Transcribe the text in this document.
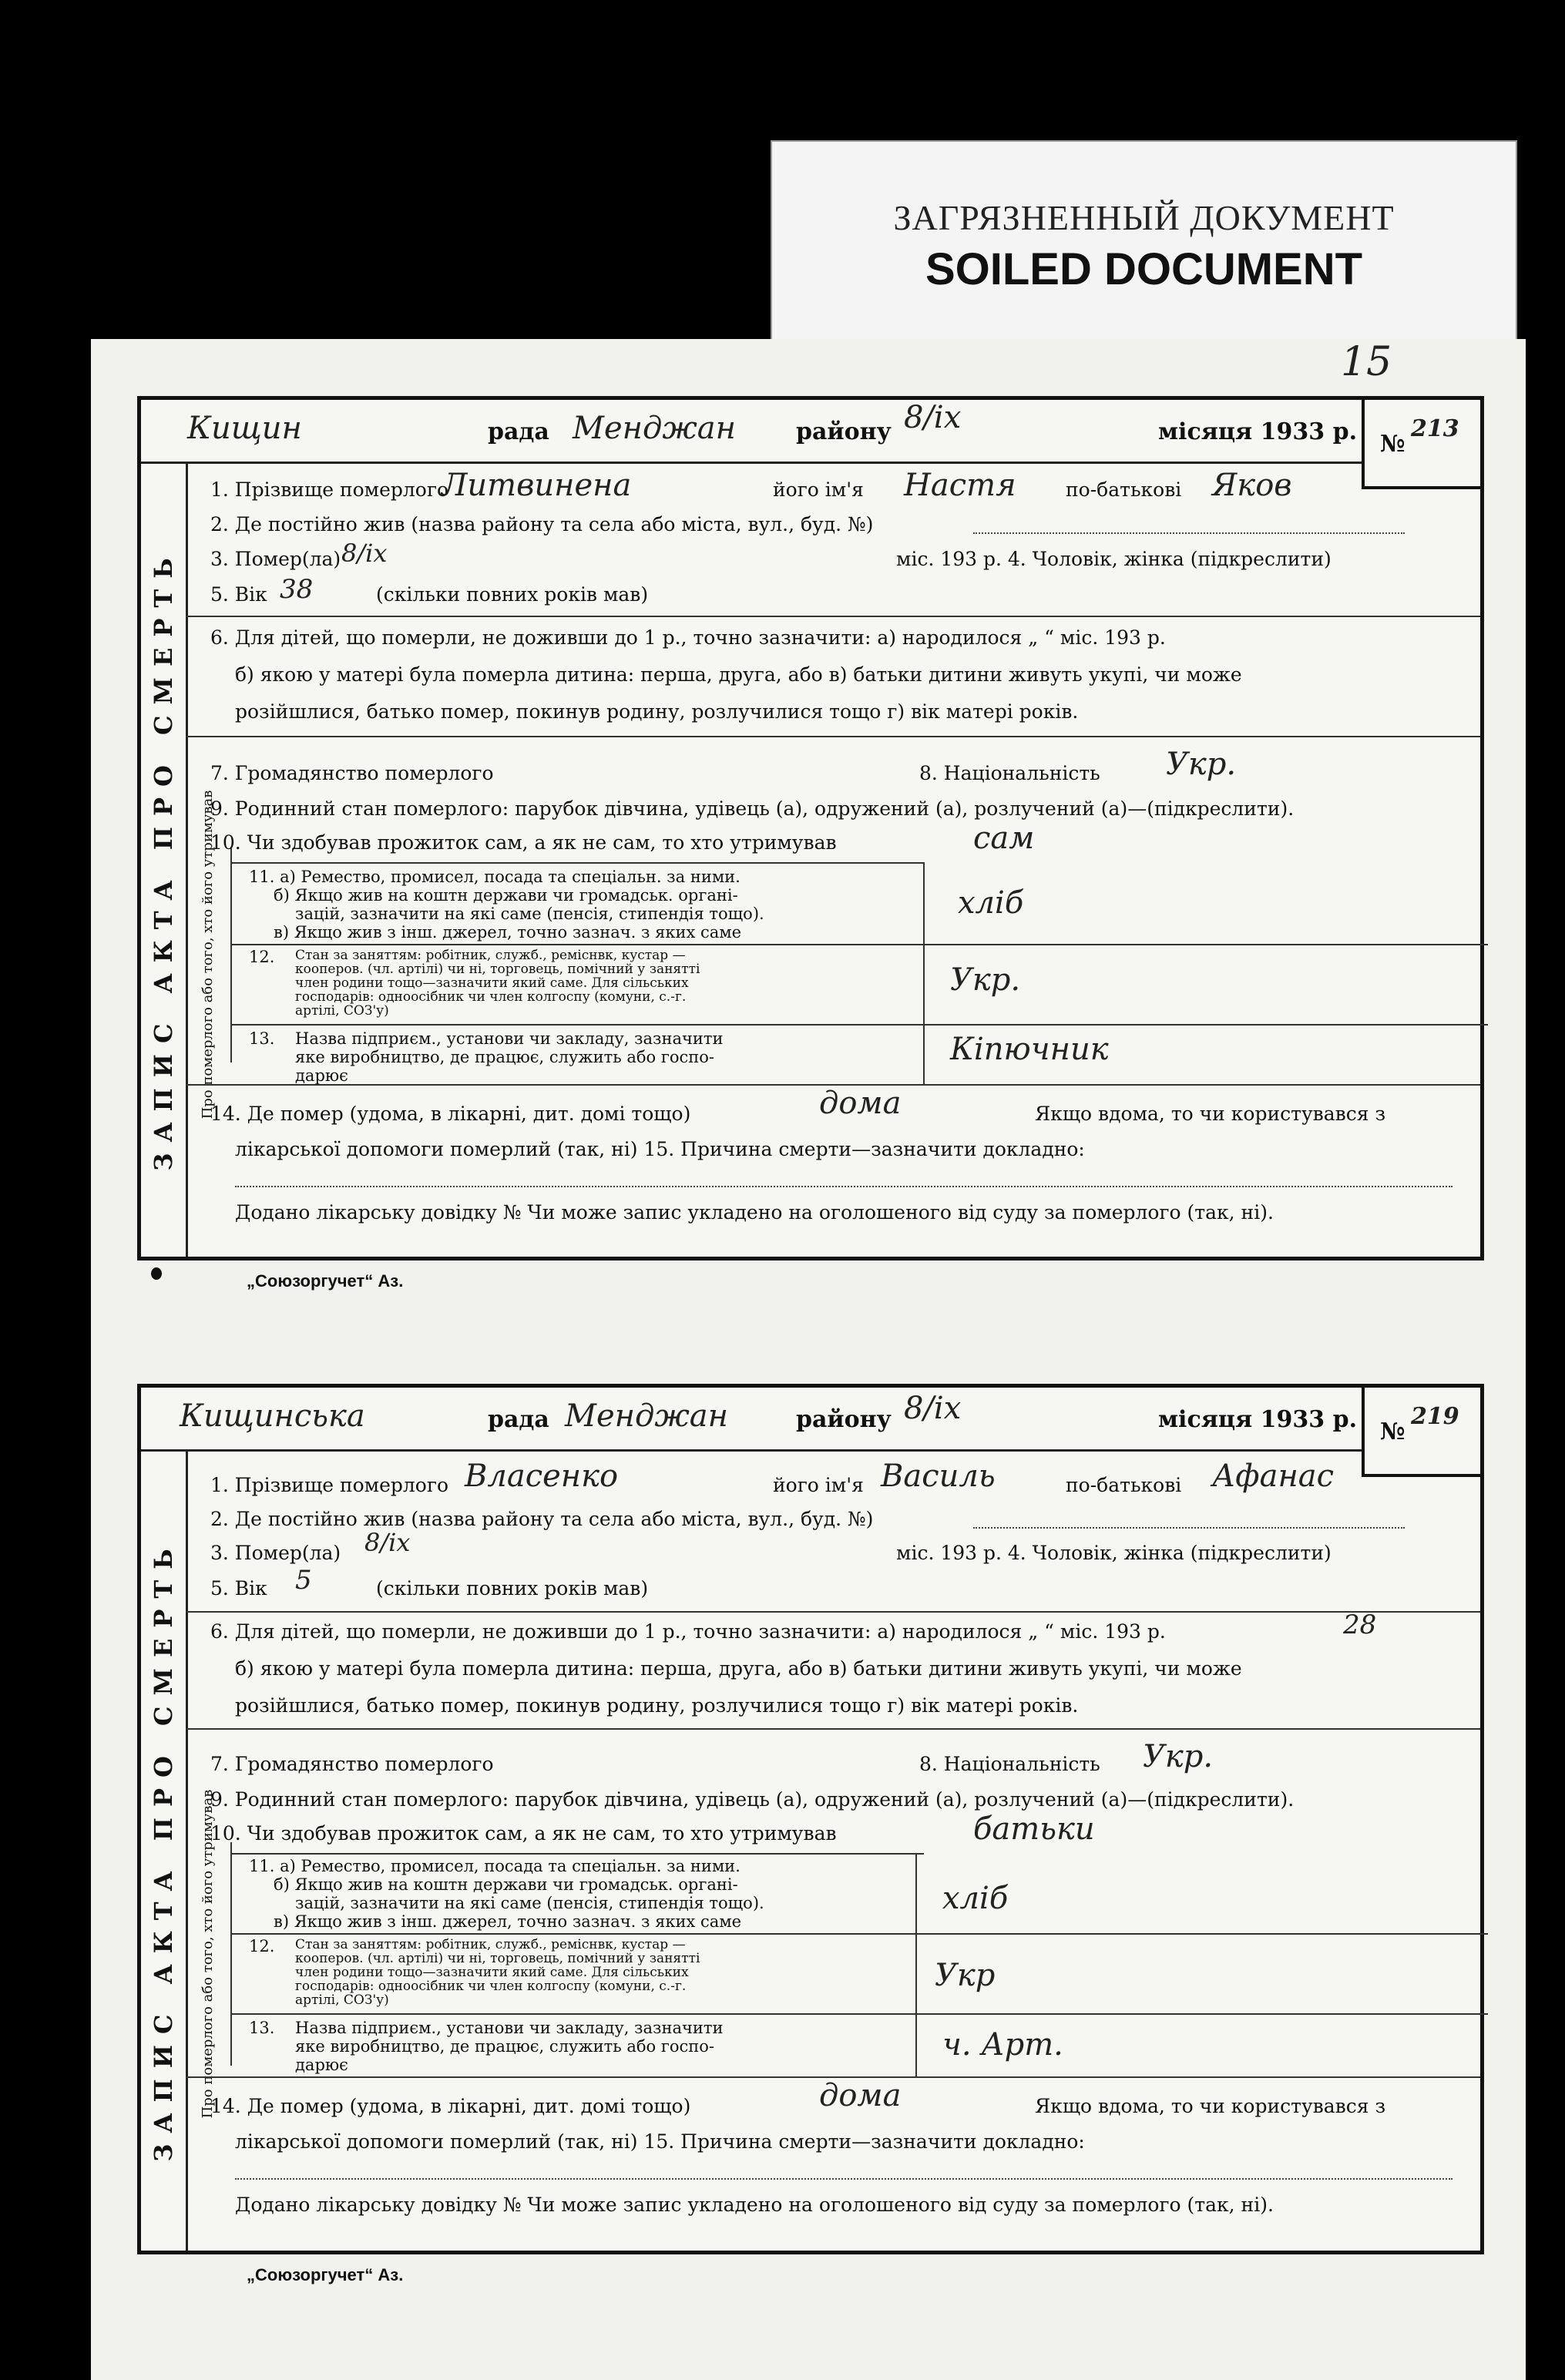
ЗАГРЯЗНЕННЫЙ ДОКУМЕНТ
SOILED DOCUMENT
15
Кищин	рада Менджан	району 8/іх	місяця 1933 р. №
213
ЗАПИС АКТА ПРО СМЕРТЬ Про померлого або того, хто його утримував
1. Прізвище померлого
Литвинена	його ім'я Настя	по-батькові Яков
2. Де постійно жив (назва району та села або міста, вул., буд. №)
3. Помер(ла) 8/іх	міс. 193 р. 4. Чоловік, жінка (підкреслити)
5. Вік 38	(скільки повних років мав)
6. Для дітей, що померли, не доживши до 1 р., точно зазначити: а) народилося „ “ міс. 193 р.
б) якою у матері була померла дитина: перша, друга, або в) батьки дитини живуть укупі, чи може
розійшлися, батько помер, покинув родину, розлучилися тощо г) вік матері років.
7. Громадянство померлого	8. Національність Укр.
9. Родинний стан померлого: парубок дівчина, удівець (а), одружений (а), розлучений (а)—(підкреслити).
10. Чи здобував прожиток сам, а як не сам, то хто утримував	сам
11. а) Ремество, промисел, посада та спеціальн. за ними.
б) Якщо жив на коштн держави чи громадськ. органі-
зацій, зазначити на які саме (пенсія, стипендія тощо).
в) Якщо жив з інш. джерел, точно зазнач. з яких саме
хліб
12. Стан за заняттям: робітник, служб., реміснвк, кустар —
кооперов. (чл. артілі) чи ні, торговець, помічний у занятті
член родини тощо—зазначити який саме. Для сільських
господарів: одноосібник чи член колгоспу (комуни, с.-г.
артілі, СОЗ'у)
Укр.
13. Назва підприєм., установи чи закладу, зазначити
яке виробництво, де працює, служить або госпо-
дарює
Кіпючник
14. Де помер (удома, в лікарні, дит. домі тощо)	дома	Якщо вдома, то чи користувався з
лікарської допомоги померлий (так, ні) 15. Причина смерти—зазначити докладно:
Додано лікарську довідку № Чи може запис укладено на оголошеного від суду за померлого (так, ні).
„Союзоргучет“ Аз.
Кищинська	рада Менджан	району 8/іх	місяця 1933 р. №
219
ЗАПИС АКТА ПРО СМЕРТЬ Про померлого або того, хто його утримував
1. Прізвище померлого Власенко	його ім'я Василь	по-батькові Афанас
2. Де постійно жив (назва району та села або міста, вул., буд. №)
3. Помер(ла) 8/іх	міс. 193 р. 4. Чоловік, жінка (підкреслити)
5. Вік 5	(скільки повних років мав)
6. Для дітей, що померли, не доживши до 1 р., точно зазначити: а) народилося „ “ міс. 193 р.	28
б) якою у матері була померла дитина: перша, друга, або в) батьки дитини живуть укупі, чи може
розійшлися, батько помер, покинув родину, розлучилися тощо г) вік матері років.
7. Громадянство померлого	8. Національність Укр.
9. Родинний стан померлого: парубок дівчина, удівець (а), одружений (а), розлучений (а)—(підкреслити).
10. Чи здобував прожиток сам, а як не сам, то хто утримував	батьки
11. а) Ремество, промисел, посада та спеціальн. за ними.
б) Якщо жив на коштн держави чи громадськ. органі-
зацій, зазначити на які саме (пенсія, стипендія тощо).
в) Якщо жив з інш. джерел, точно зазнач. з яких саме
хліб
12. Стан за заняттям: робітник, служб., реміснвк, кустар —
кооперов. (чл. артілі) чи ні, торговець, помічний у занятті
член родини тощо—зазначити який саме. Для сільських
господарів: одноосібник чи член колгоспу (комуни, с.-г.
артілі, СОЗ'у)
Укр
13. Назва підприєм., установи чи закладу, зазначити
яке виробництво, де працює, служить або госпо-
дарює
ч. Арт.
14. Де помер (удома, в лікарні, дит. домі тощо)	дома	Якщо вдома, то чи користувався з
лікарської допомоги померлий (так, ні) 15. Причина смерти—зазначити докладно:
Додано лікарську довідку № Чи може запис укладено на оголошеного від суду за померлого (так, ні).
„Союзоргучет“ Аз.
